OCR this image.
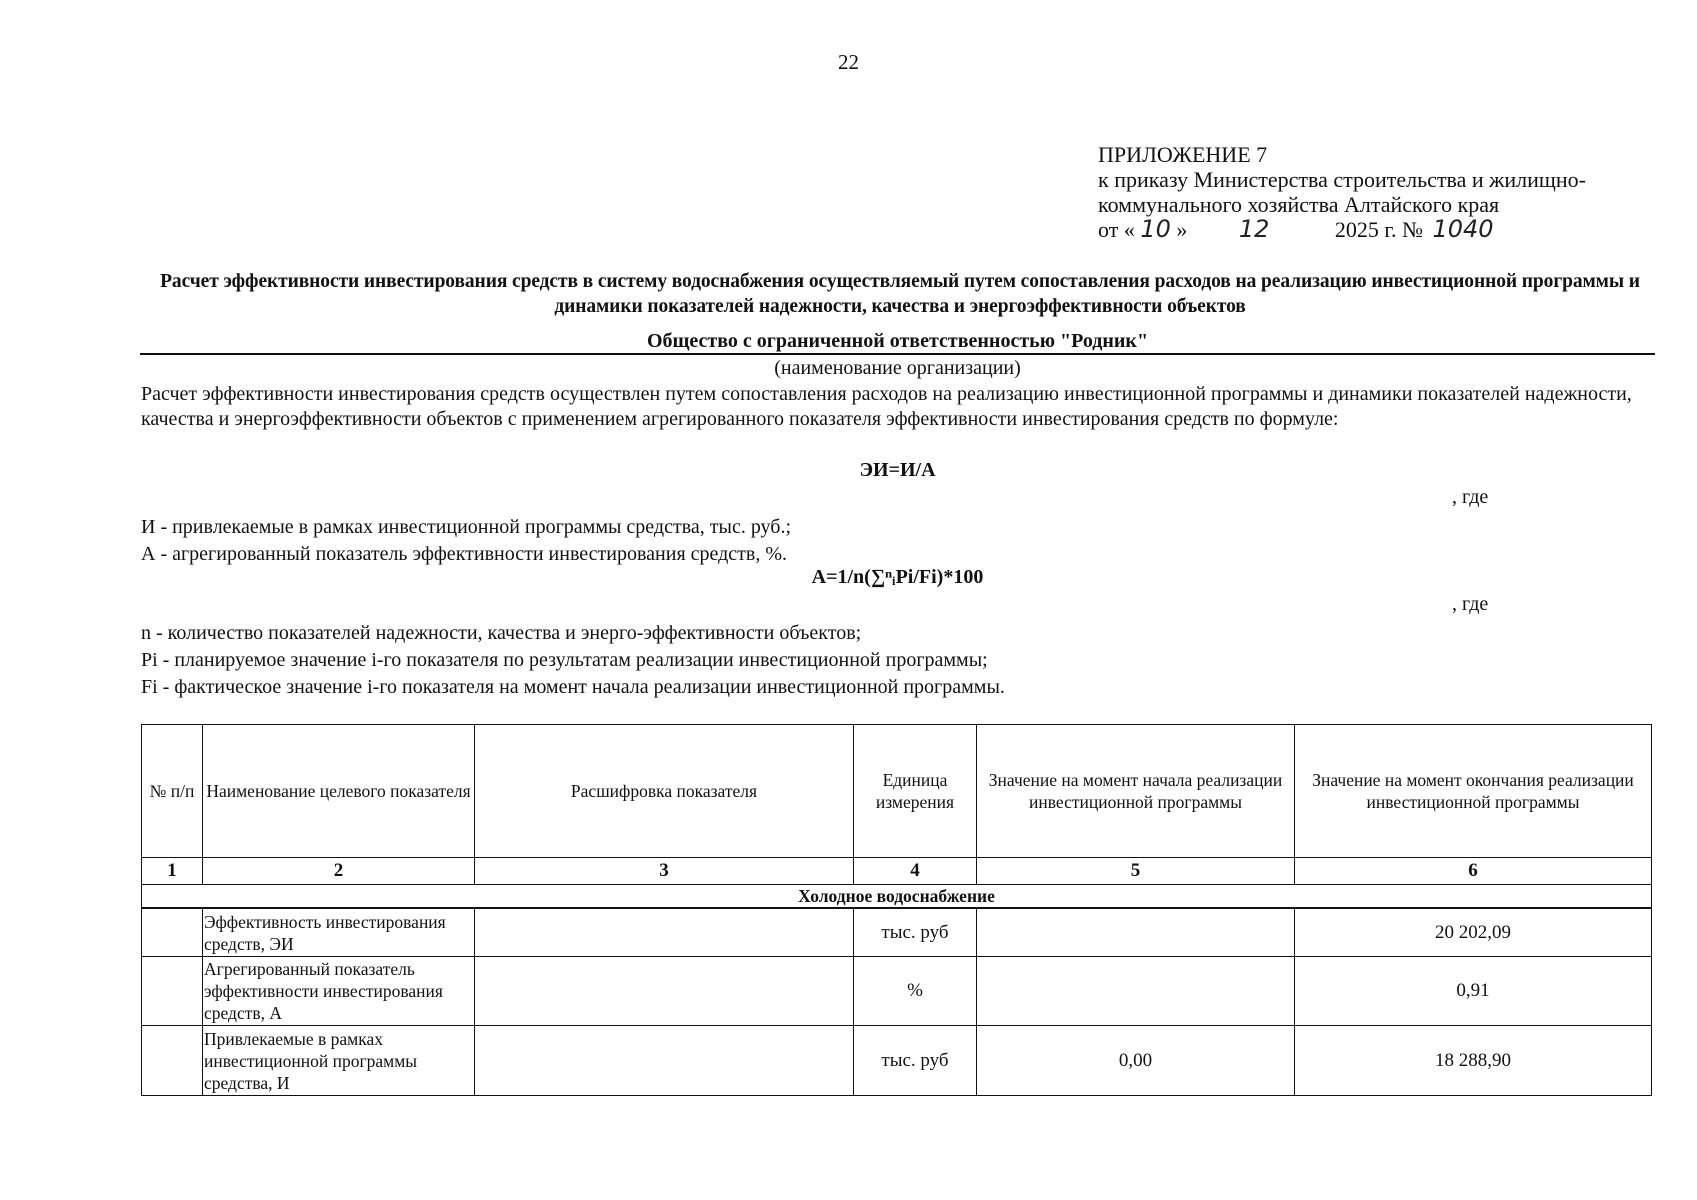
22
ПРИЛОЖЕНИЕ 7
к приказу Министерства строительства и жилищно-
коммунального хозяйства Алтайского края
от « 10 » 12	2025 г. № 1040
Расчет эффективности инвестирования средств в систему водоснабжения осуществляемый путем сопоставления расходов на реализацию инвестиционной программы и динамики показателей надежности, качества и энергоэффективности объектов
Общество с ограниченной ответственностью "Родник"
(наименование организации)
Расчет эффективности инвестирования средств осуществлен путем сопоставления расходов на реализацию инвестиционной программы и динамики показателей надежности, качества и энергоэффективности объектов с применением агрегированного показателя эффективности инвестирования средств по формуле:
ЭИ=И/А
, где
И - привлекаемые в рамках инвестиционной программы средства, тыс. руб.;
А - агрегированный показатель эффективности инвестирования средств, %.
A=1/n(∑ⁿᵢPi/Fi)*100
, где
n - количество показателей надежности, качества и энерго-эффективности объектов;
Pi - планируемое значение i-го показателя по результатам реализации инвестиционной программы;
Fi - фактическое значение i-го показателя на момент начала реализации инвестиционной программы.
№ п/п	Наименование целевого показателя	Расшифровка показателя	Единица измерения	Значение на момент начала реализации инвестиционной программы	Значение на момент окончания реализации инвестиционной программы
1	2	3	4	5	6
Холодное водоснабжение					
	Эффективность инвестирования средств, ЭИ		тыс. руб		20 202,09
	Агрегированный показатель эффективности инвестирования средств, А		%		0,91
	Привлекаемые в рамках инвестиционной программы средства, И		тыс. руб	0,00	18 288,90
